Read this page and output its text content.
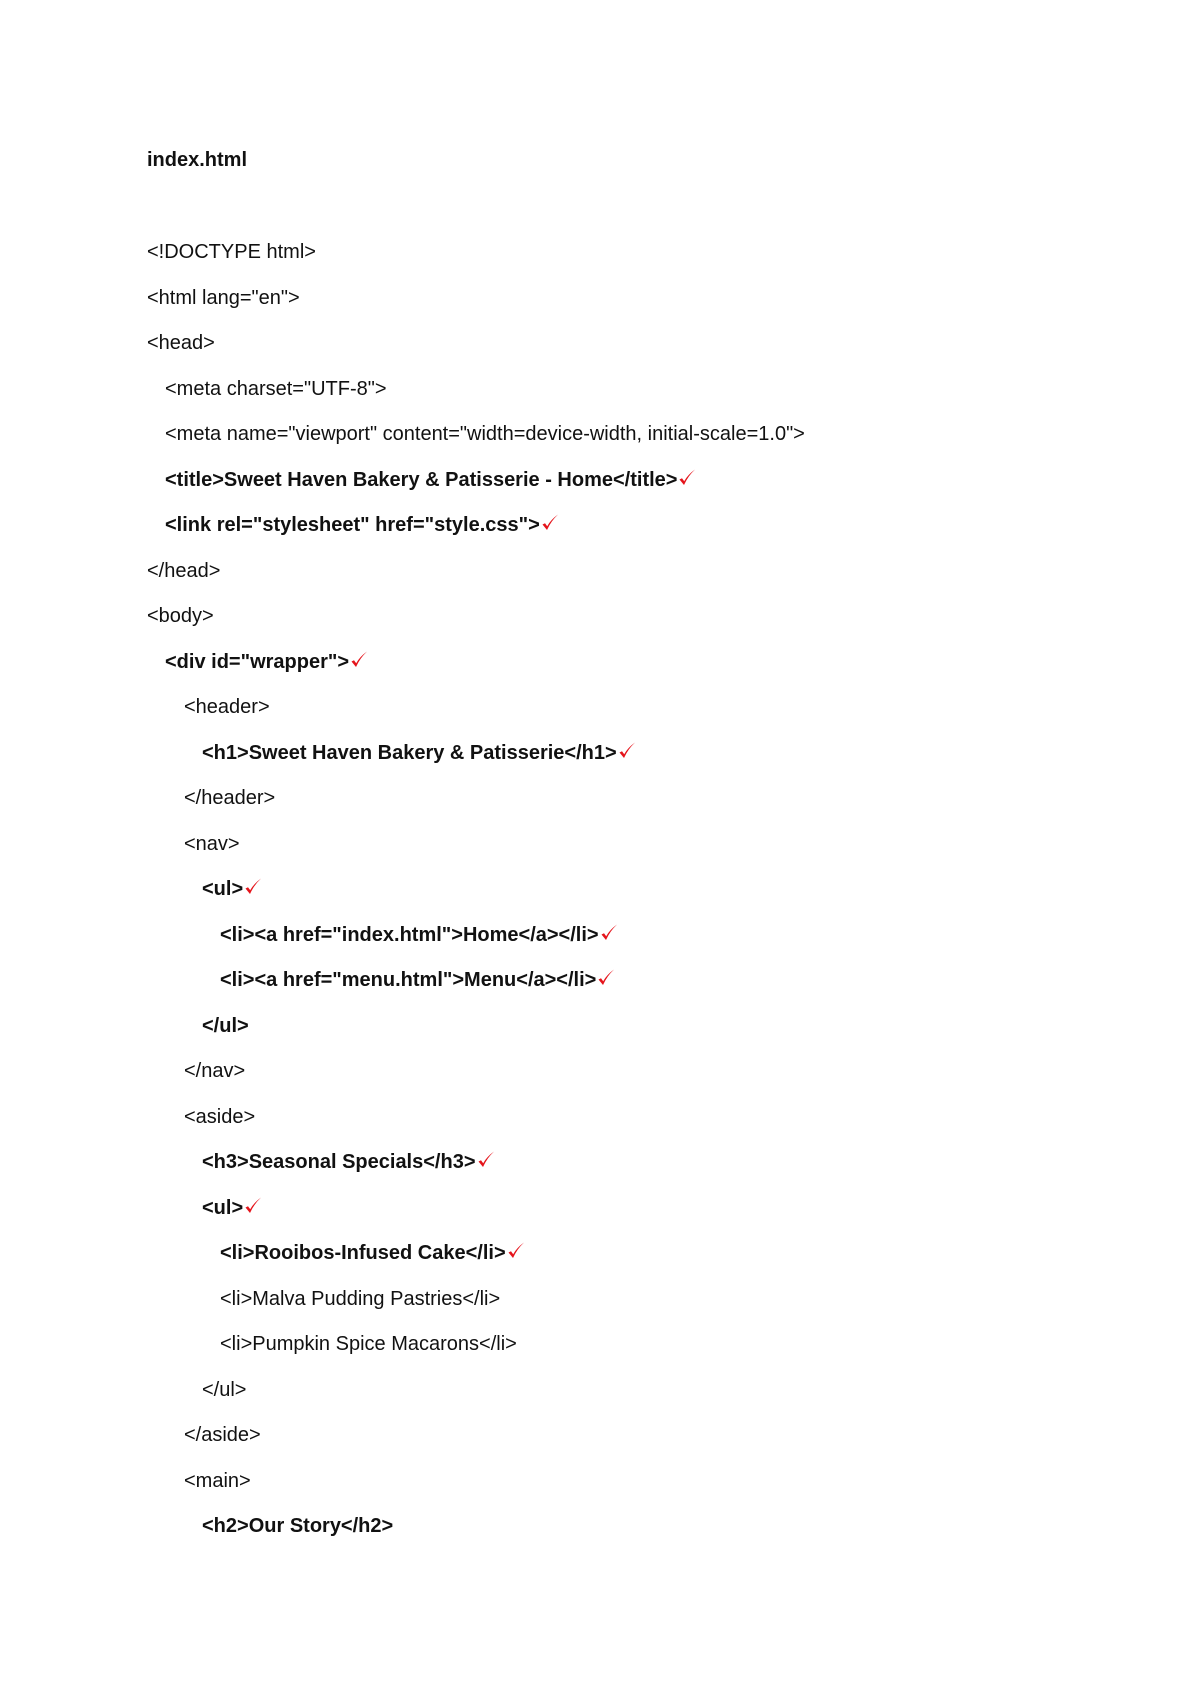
index.html
<!DOCTYPE html>
<html lang="en">
<head>
<meta charset="UTF-8">
<meta name="viewport" content="width=device-width, initial-scale=1.0">
<title>Sweet Haven Bakery & Patisserie - Home</title>
<link rel="stylesheet" href="style.css">
</head>
<body>
<div id="wrapper">
<header>
<h1>Sweet Haven Bakery & Patisserie</h1>
</header>
<nav>
<ul>
<li><a href="index.html">Home</a></li>
<li><a href="menu.html">Menu</a></li>
</ul>
</nav>
<aside>
<h3>Seasonal Specials</h3>
<ul>
<li>Rooibos-Infused Cake</li>
<li>Malva Pudding Pastries</li>
<li>Pumpkin Spice Macarons</li>
</ul>
</aside>
<main>
<h2>Our Story</h2>
